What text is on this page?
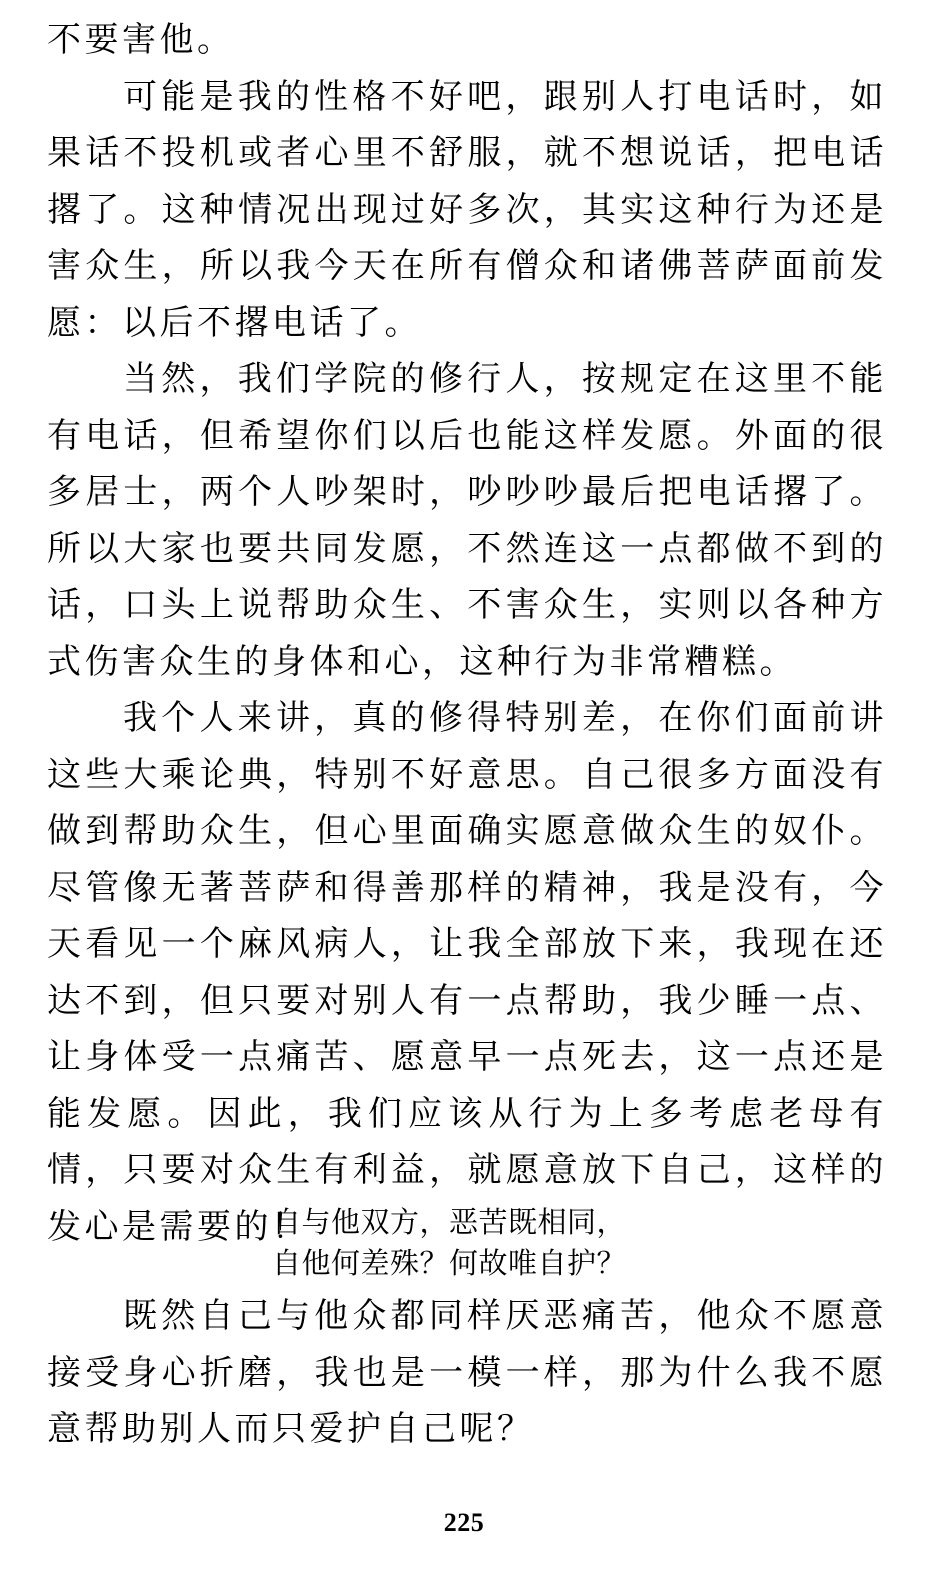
不要害他。

可能是我的性格不好吧，跟别人打电话时，如果话不投机或者心里不舒服，就不想说话，把电话撂了。这种情况出现过好多次，其实这种行为还是害众生，所以我今天在所有僧众和诸佛菩萨面前发愿：以后不撂电话了。

当然，我们学院的修行人，按规定在这里不能有电话，但希望你们以后也能这样发愿。外面的很多居士，两个人吵架时，吵吵吵最后把电话撂了。所以大家也要共同发愿，不然连这一点都做不到的话，口头上说帮助众生、不害众生，实则以各种方式伤害众生的身体和心，这种行为非常糟糕。

我个人来讲，真的修得特别差，在你们面前讲这些大乘论典，特别不好意思。自己很多方面没有做到帮助众生，但心里面确实愿意做众生的奴仆。尽管像无著菩萨和得善那样的精神，我是没有，今天看见一个麻风病人，让我全部放下来，我现在还达不到，但只要对别人有一点帮助，我少睡一点、让身体受一点痛苦、愿意早一点死去，这一点还是能发愿。因此，我们应该从行为上多考虑老母有情，只要对众生有利益，就愿意放下自己，这样的发心是需要的！

自与他双方，恶苦既相同，
自他何差殊？何故唯自护？

既然自己与他众都同样厌恶痛苦，他众不愿意接受身心折磨，我也是一模一样，那为什么我不愿意帮助别人而只爱护自己呢？

225
